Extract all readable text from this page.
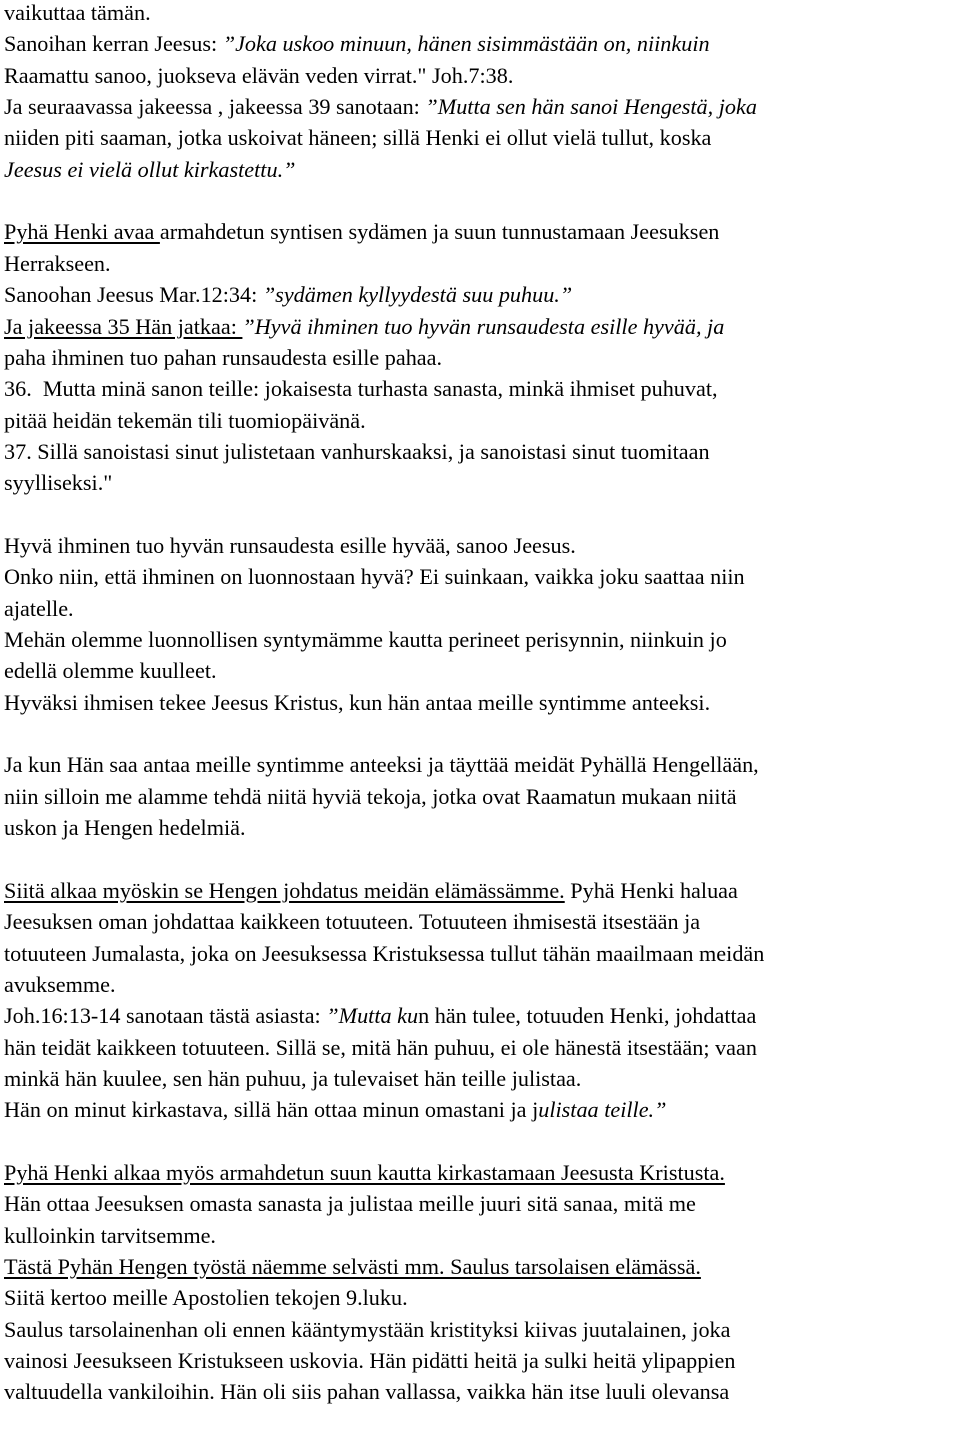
vaikuttaa tämän.
Sanoihan kerran Jeesus: ”Joka uskoo minuun, hänen sisimmästään on, niinkuin
Raamattu sanoo, juokseva elävän veden virrat." Joh.7:38.
Ja seuraavassa jakeessa , jakeessa 39 sanotaan: ”Mutta sen hän sanoi Hengestä, joka
niiden piti saaman, jotka uskoivat häneen; sillä Henki ei ollut vielä tullut, koska
Jeesus ei vielä ollut kirkastettu.”
Pyhä Henki avaa armahdetun syntisen sydämen ja suun tunnustamaan Jeesuksen
Herrakseen.
Sanoohan Jeesus Mar.12:34: ”sydämen kyllyydestä suu puhuu.”
Ja jakeessa 35 Hän jatkaa: ”Hyvä ihminen tuo hyvän runsaudesta esille hyvää, ja
paha ihminen tuo pahan runsaudesta esille pahaa.
36.  Mutta minä sanon teille: jokaisesta turhasta sanasta, minkä ihmiset puhuvat,
pitää heidän tekemän tili tuomiopäivänä.
37. Sillä sanoistasi sinut julistetaan vanhurskaaksi, ja sanoistasi sinut tuomitaan
syylliseksi."
Hyvä ihminen tuo hyvän runsaudesta esille hyvää, sanoo Jeesus.
Onko niin, että ihminen on luonnostaan hyvä? Ei suinkaan, vaikka joku saattaa niin
ajatelle.
Mehän olemme luonnollisen syntymämme kautta perineet perisynnin, niinkuin jo
edellä olemme kuulleet.
Hyväksi ihmisen tekee Jeesus Kristus, kun hän antaa meille syntimme anteeksi.
Ja kun Hän saa antaa meille syntimme anteeksi ja täyttää meidät Pyhällä Hengellään,
niin silloin me alamme tehdä niitä hyviä tekoja, jotka ovat Raamatun mukaan niitä
uskon ja Hengen hedelmiä.
Siitä alkaa myöskin se Hengen johdatus meidän elämässämme. Pyhä Henki haluaa
Jeesuksen oman johdattaa kaikkeen totuuteen. Totuuteen ihmisestä itsestään ja
totuuteen Jumalasta, joka on Jeesuksessa Kristuksessa tullut tähän maailmaan meidän
avuksemme.
Joh.16:13-14 sanotaan tästä asiasta: ”Mutta kun hän tulee, totuuden Henki, johdattaa
hän teidät kaikkeen totuuteen. Sillä se, mitä hän puhuu, ei ole hänestä itsestään; vaan
minkä hän kuulee, sen hän puhuu, ja tulevaiset hän teille julistaa.
Hän on minut kirkastava, sillä hän ottaa minun omastani ja julistaa teille.”
Pyhä Henki alkaa myös armahdetun suun kautta kirkastamaan Jeesusta Kristusta.
Hän ottaa Jeesuksen omasta sanasta ja julistaa meille juuri sitä sanaa, mitä me
kulloinkin tarvitsemme.
Tästä Pyhän Hengen työstä näemme selvästi mm. Saulus tarsolaisen elämässä.
Siitä kertoo meille Apostolien tekojen 9.luku.
Saulus tarsolainenhan oli ennen kääntymystään kristityksi kiivas juutalainen, joka
vainosi Jeesukseen Kristukseen uskovia. Hän pidätti heitä ja sulki heitä ylipappien
valtuudella vankiloihin. Hän oli siis pahan vallassa, vaikka hän itse luuli olevansa
